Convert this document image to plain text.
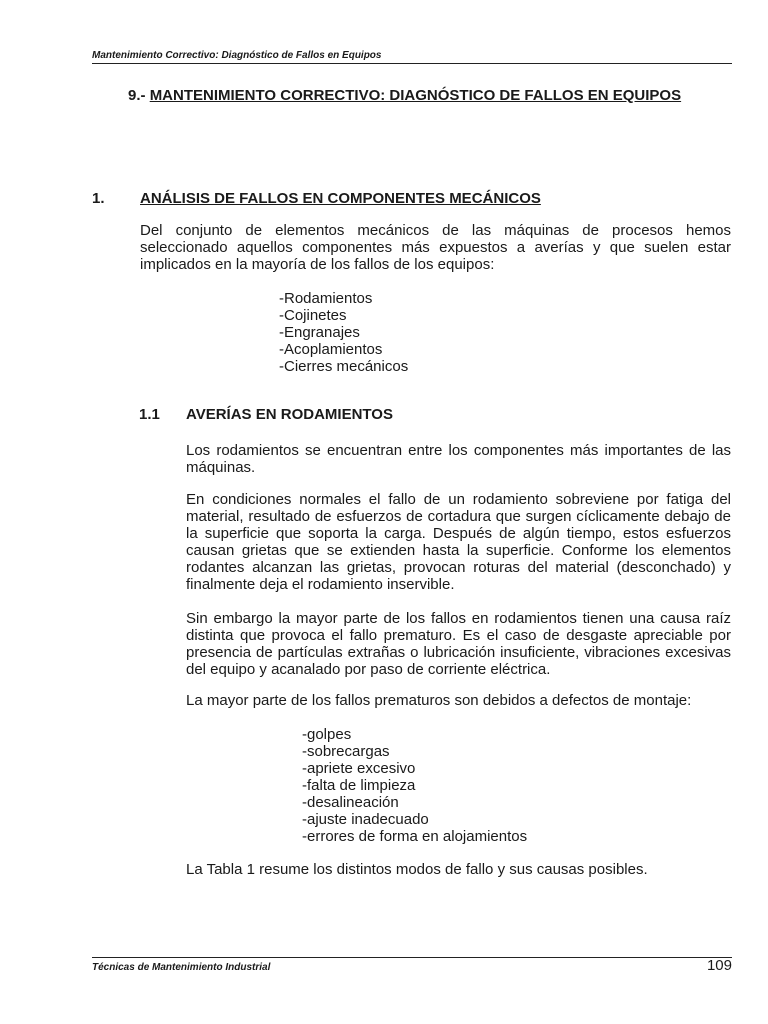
Mantenimiento Correctivo: Diagnóstico de Fallos en Equipos
9.- MANTENIMIENTO CORRECTIVO: DIAGNÓSTICO DE FALLOS EN EQUIPOS
1. ANÁLISIS DE FALLOS EN COMPONENTES MECÁNICOS
Del conjunto de elementos mecánicos de las máquinas de procesos hemos seleccionado aquellos componentes más expuestos a averías y que suelen estar implicados en la mayoría de los fallos de los equipos:
-Rodamientos
-Cojinetes
-Engranajes
-Acoplamientos
-Cierres mecánicos
1.1 AVERÍAS EN RODAMIENTOS
Los rodamientos se encuentran entre los componentes más importantes de las máquinas.
En condiciones normales el fallo de un rodamiento sobreviene por fatiga del material, resultado de esfuerzos de cortadura que surgen cíclicamente debajo de la superficie que soporta la carga. Después de algún tiempo, estos esfuerzos causan grietas que se extienden hasta la superficie. Conforme los elementos rodantes alcanzan las grietas, provocan roturas del material (desconchado) y finalmente deja el rodamiento inservible.
Sin embargo la mayor parte de los fallos en rodamientos tienen una causa raíz distinta que provoca el fallo prematuro. Es el caso de desgaste apreciable por presencia de partículas extrañas o lubricación insuficiente, vibraciones excesivas del equipo y acanalado por paso de corriente eléctrica.
La mayor parte de los fallos prematuros son debidos a defectos de montaje:
-golpes
-sobrecargas
-apriete excesivo
-falta de limpieza
-desalineación
-ajuste inadecuado
-errores de forma en alojamientos
La Tabla 1 resume los distintos modos de fallo y sus causas posibles.
Técnicas de Mantenimiento Industrial	109
